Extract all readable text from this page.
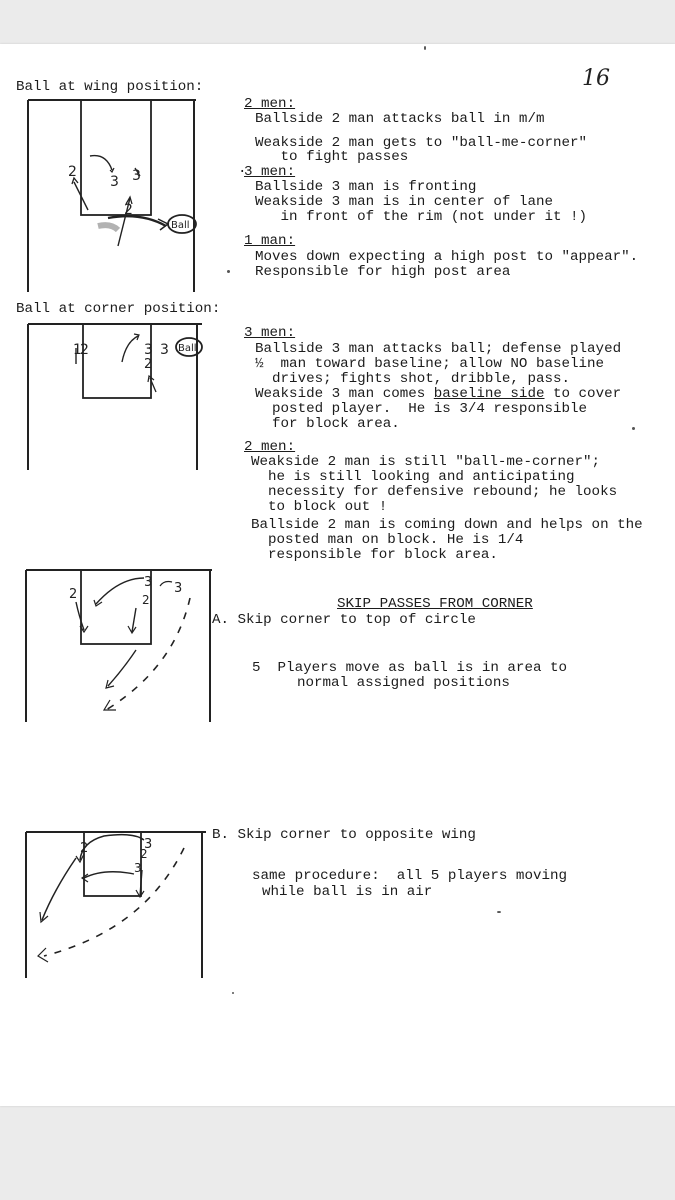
16
Ball at wing position:
2
3 3
2
Ball
2 men:
Ballside 2 man attacks ball in m/m
Weakside 2 man gets to "ball-me-corner"
to fight passes
·
3 men:
Ballside 3 man is fronting
Weakside 3 man is in center of lane
in front of the rim (not under it !)
1 man:
Moves down expecting a high post to "appear".
Responsible for high post area
Ball at corner position:
1
2	3 3
2
Ball
3 men:
Ballside 3 man attacks ball; defense played
½  man toward baseline; allow NO baseline
drives; fights shot, dribble, pass.
Weakside 3 man comes baseline side to cover
posted player.  He is 3/4 responsible
for block area.
2 men:
Weakside 2 man is still "ball-me-corner";
he is still looking and anticipating
necessity for defensive rebound; he looks
to block out !
Ballside 2 man is coming down and helps on the
posted man on block. He is 1/4
responsible for block area.
2
3 3
2	SKIP PASSES FROM CORNER
A. Skip corner to top of circle
5 Players move as ball is in area to
normal assigned positions
2	3
2
3
B. Skip corner to opposite wing
same procedure:  all 5 players moving
while ball is in air
